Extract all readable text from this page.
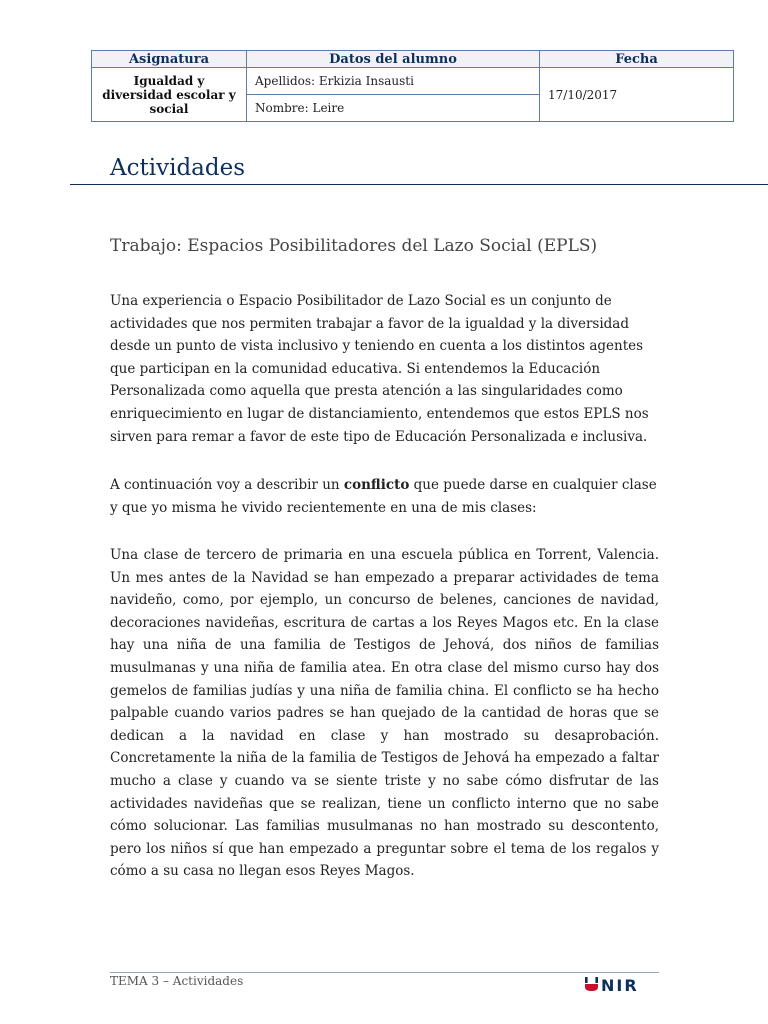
Asignatura	Datos del alumno	Fecha
Igualdad y diversidad escolar y social	Apellidos: Erkizia Insausti	17/10/2017
	Nombre: Leire	
Actividades
Trabajo: Espacios Posibilitadores del Lazo Social (EPLS)

Una experiencia o Espacio Posibilitador de Lazo Social es un conjunto de actividades que nos permiten trabajar a favor de la igualdad y la diversidad desde un punto de vista inclusivo y teniendo en cuenta a los distintos agentes que participan en la comunidad educativa. Si entendemos la Educación Personalizada como aquella que presta atención a las singularidades como enriquecimiento en lugar de distanciamiento, entendemos que estos EPLS nos sirven para remar a favor de este tipo de Educación Personalizada e inclusiva.

A continuación voy a describir un conflicto que puede darse en cualquier clase y que yo misma he vivido recientemente en una de mis clases:

Una clase de tercero de primaria en una escuela pública en Torrent, Valencia. Un mes antes de la Navidad se han empezado a preparar actividades de tema navideño, como, por ejemplo, un concurso de belenes, canciones de navidad, decoraciones navideñas, escritura de cartas a los Reyes Magos etc. En la clase hay una niña de una familia de Testigos de Jehová, dos niños de familias musulmanas y una niña de familia atea. En otra clase del mismo curso hay dos gemelos de familias judías y una niña de familia china. El conflicto se ha hecho palpable cuando varios padres se han quejado de la cantidad de horas que se dedican a la navidad en clase y han mostrado su desaprobación. Concretamente la niña de la familia de Testigos de Jehová ha empezado a faltar mucho a clase y cuando va se siente triste y no sabe cómo disfrutar de las actividades navideñas que se realizan, tiene un conflicto interno que no sabe cómo solucionar. Las familias musulmanas no han mostrado su descontento, pero los niños sí que han empezado a preguntar sobre el tema de los regalos y cómo a su casa no llegan esos Reyes Magos.

TEMA 3 – Actividades	NIR
